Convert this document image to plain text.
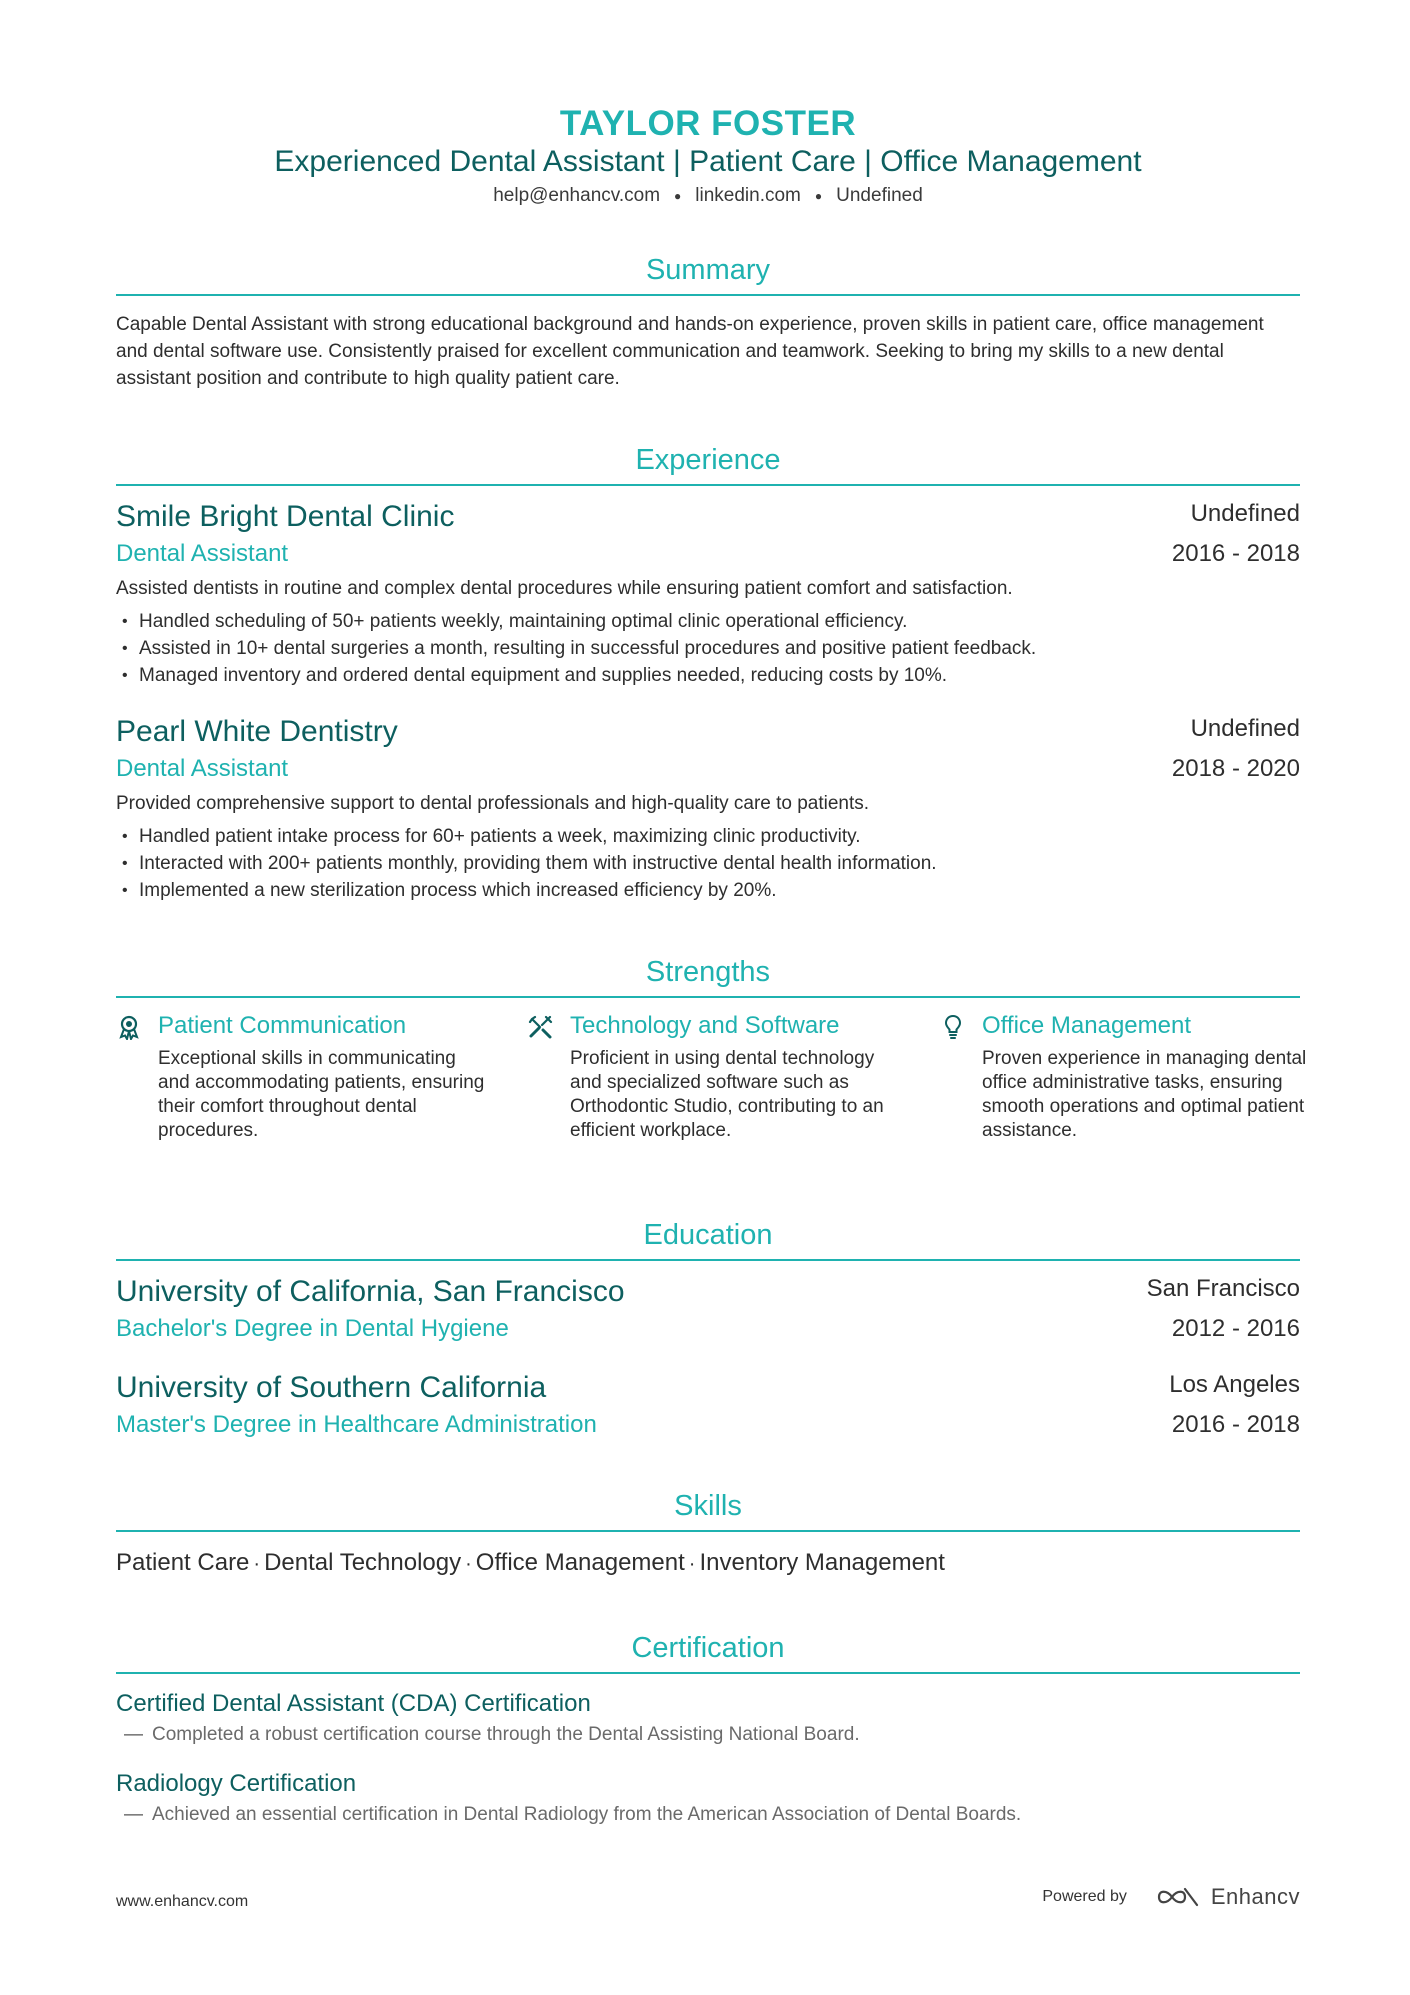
TAYLOR FOSTER
Experienced Dental Assistant | Patient Care | Office Management
help@enhancv.com ● linkedin.com ● Undefined
Summary
Capable Dental Assistant with strong educational background and hands-on experience, proven skills in patient care, office management and dental software use. Consistently praised for excellent communication and teamwork. Seeking to bring my skills to a new dental assistant position and contribute to high quality patient care.
Experience
Smile Bright Dental Clinic	Undefined
Dental Assistant	2016 - 2018
Assisted dentists in routine and complex dental procedures while ensuring patient comfort and satisfaction.
• Handled scheduling of 50+ patients weekly, maintaining optimal clinic operational efficiency.
• Assisted in 10+ dental surgeries a month, resulting in successful procedures and positive patient feedback.
• Managed inventory and ordered dental equipment and supplies needed, reducing costs by 10%.
Pearl White Dentistry	Undefined
Dental Assistant	2018 - 2020
Provided comprehensive support to dental professionals and high-quality care to patients.
• Handled patient intake process for 60+ patients a week, maximizing clinic productivity.
• Interacted with 200+ patients monthly, providing them with instructive dental health information.
• Implemented a new sterilization process which increased efficiency by 20%.
Strengths
Patient Communication
Exceptional skills in communicating and accommodating patients, ensuring their comfort throughout dental procedures.
Technology and Software
Proficient in using dental technology and specialized software such as Orthodontic Studio, contributing to an efficient workplace.
Office Management
Proven experience in managing dental office administrative tasks, ensuring smooth operations and optimal patient assistance.
Education
University of California, San Francisco	San Francisco
Bachelor's Degree in Dental Hygiene	2012 - 2016
University of Southern California	Los Angeles
Master's Degree in Healthcare Administration	2016 - 2018
Skills
Patient Care · Dental Technology · Office Management · Inventory Management
Certification
Certified Dental Assistant (CDA) Certification
— Completed a robust certification course through the Dental Assisting National Board.
Radiology Certification
— Achieved an essential certification in Dental Radiology from the American Association of Dental Boards.
www.enhancv.com	Powered by	Enhancv
